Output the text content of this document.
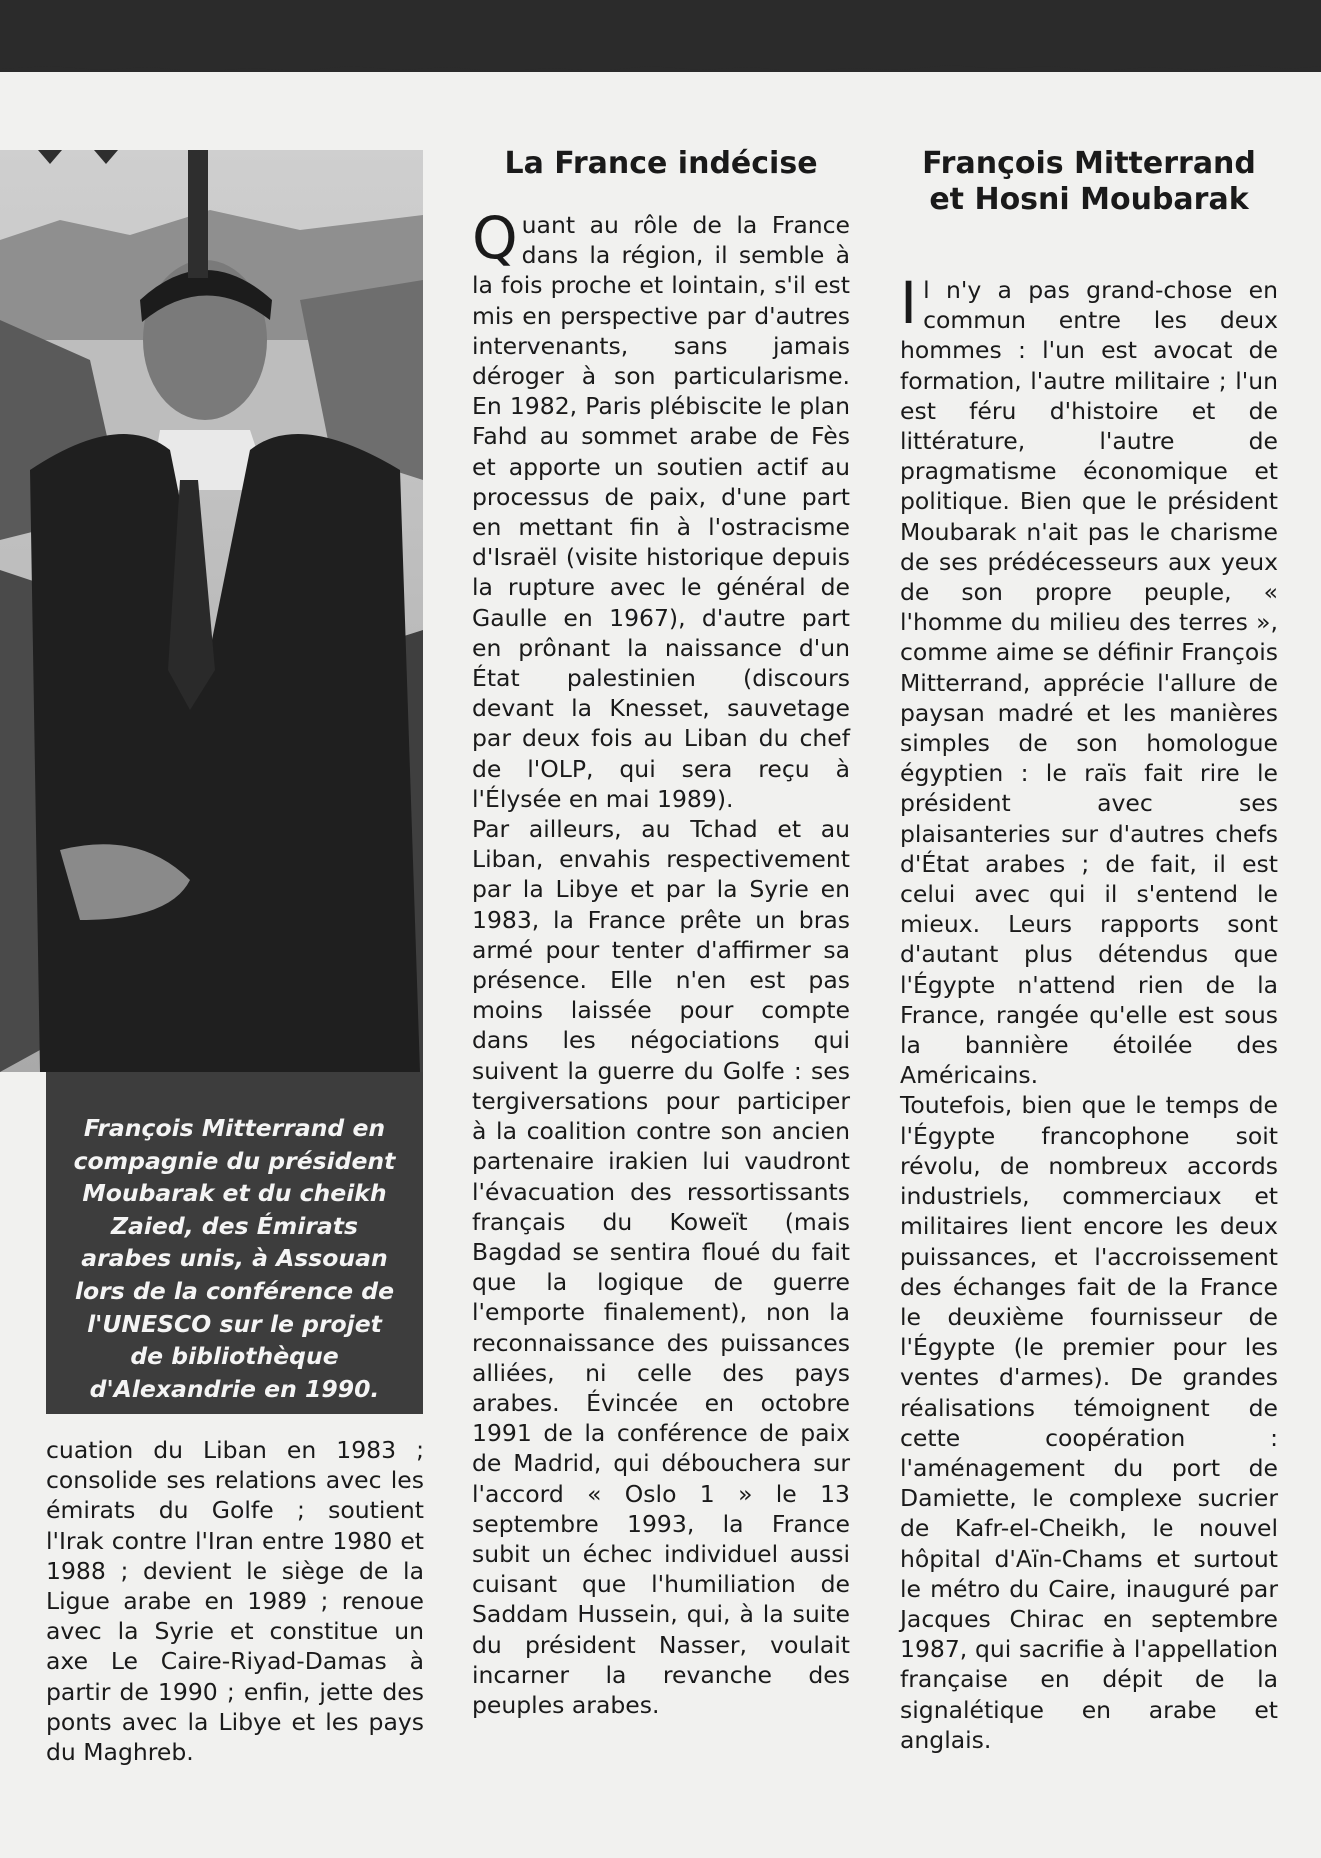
François Mitterrand en compagnie du président Moubarak et du cheikh Zaied, des Émirats arabes unis, à Assouan lors de la conférence de l'UNESCO sur le projet de bibliothèque d'Alexandrie en 1990.

cuation du Liban en 1983 ; consolide ses relations avec les émirats du Golfe ; soutient l'Irak contre l'Iran entre 1980 et 1988 ; devient le siège de la Ligue arabe en 1989 ; renoue avec la Syrie et constitue un axe Le Caire-Riyad-Damas à partir de 1990 ; enfin, jette des ponts avec la Libye et les pays du Maghreb.

La France indécise

Quant au rôle de la France dans la région, il semble à la fois proche et lointain, s'il est mis en perspective par d'autres intervenants, sans jamais déroger à son particularisme. En 1982, Paris plébiscite le plan Fahd au sommet arabe de Fès et apporte un soutien actif au processus de paix, d'une part en mettant fin à l'ostracisme d'Israël (visite historique depuis la rupture avec le général de Gaulle en 1967), d'autre part en prônant la naissance d'un État palestinien (discours devant la Knesset, sauvetage par deux fois au Liban du chef de l'OLP, qui sera reçu à l'Élysée en mai 1989).

Par ailleurs, au Tchad et au Liban, envahis respectivement par la Libye et par la Syrie en 1983, la France prête un bras armé pour tenter d'affirmer sa présence. Elle n'en est pas moins laissée pour compte dans les négociations qui suivent la guerre du Golfe : ses tergiversations pour participer à la coalition contre son ancien partenaire irakien lui vaudront l'évacuation des ressortissants français du Koweït (mais Bagdad se sentira floué du fait que la logique de guerre l'emporte finalement), non la reconnaissance des puissances alliées, ni celle des pays arabes. Évincée en octobre 1991 de la conférence de paix de Madrid, qui débouchera sur l'accord « Oslo 1 » le 13 septembre 1993, la France subit un échec individuel aussi cuisant que l'humiliation de Saddam Hussein, qui, à la suite du président Nasser, voulait incarner la revanche des peuples arabes.

François Mitterrand et Hosni Moubarak

Il n'y a pas grand-chose en commun entre les deux hommes : l'un est avocat de formation, l'autre militaire ; l'un est féru d'histoire et de littérature, l'autre de pragmatisme économique et politique. Bien que le président Moubarak n'ait pas le charisme de ses prédécesseurs aux yeux de son propre peuple, « l'homme du milieu des terres », comme aime se définir François Mitterrand, apprécie l'allure de paysan madré et les manières simples de son homologue égyptien : le raïs fait rire le président avec ses plaisanteries sur d'autres chefs d'État arabes ; de fait, il est celui avec qui il s'entend le mieux. Leurs rapports sont d'autant plus détendus que l'Égypte n'attend rien de la France, rangée qu'elle est sous la bannière étoilée des Américains.

Toutefois, bien que le temps de l'Égypte francophone soit révolu, de nombreux accords industriels, commerciaux et militaires lient encore les deux puissances, et l'accroissement des échanges fait de la France le deuxième fournisseur de l'Égypte (le premier pour les ventes d'armes). De grandes réalisations témoignent de cette coopération : l'aménagement du port de Damiette, le complexe sucrier de Kafr-el-Cheikh, le nouvel hôpital d'Aïn-Chams et surtout le métro du Caire, inauguré par Jacques Chirac en septembre 1987, qui sacrifie à l'appellation française en dépit de la signalétique en arabe et anglais.
